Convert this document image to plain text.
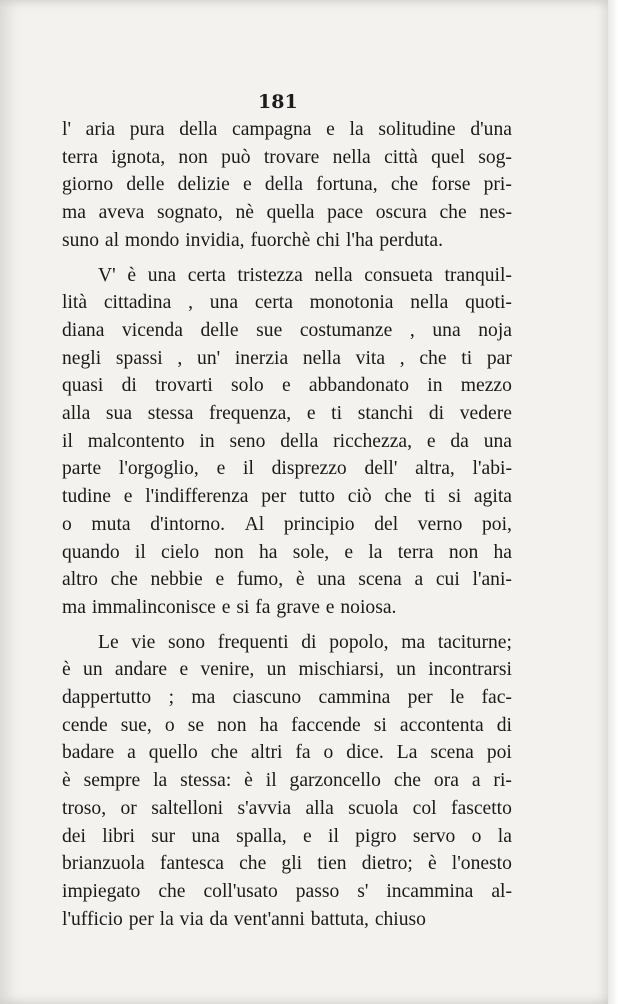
181
l' aria pura della campagna e la solitudine d'una
terra ignota, non può trovare nella città quel sog-
giorno delle delizie e della fortuna, che forse pri-
ma aveva sognato, nè quella pace oscura che nes-
suno al mondo invidia, fuorchè chi l'ha perduta.
V' è una certa tristezza nella consueta tranquil-
lità cittadina , una certa monotonia nella quoti-
diana vicenda delle sue costumanze , una noja
negli spassi , un' inerzia nella vita , che ti par
quasi di trovarti solo e abbandonato in mezzo
alla sua stessa frequenza, e ti stanchi di vedere
il malcontento in seno della ricchezza, e da una
parte l'orgoglio, e il disprezzo dell' altra, l'abi-
tudine e l'indifferenza per tutto ciò che ti si agita
o muta d'intorno. Al principio del verno poi,
quando il cielo non ha sole, e la terra non ha
altro che nebbie e fumo, è una scena a cui l'ani-
ma immalinconisce e si fa grave e noiosa.
Le vie sono frequenti di popolo, ma taciturne;
è un andare e venire, un mischiarsi, un incontrarsi
dappertutto ; ma ciascuno cammina per le fac-
cende sue, o se non ha faccende si accontenta di
badare a quello che altri fa o dice. La scena poi
è sempre la stessa: è il garzoncello che ora a ri-
troso, or saltelloni s'avvia alla scuola col fascetto
dei libri sur una spalla, e il pigro servo o la
brianzuola fantesca che gli tien dietro; è l'onesto
impiegato che coll'usato passo s' incammina al-
l'ufficio per la via da vent'anni battuta, chiuso
